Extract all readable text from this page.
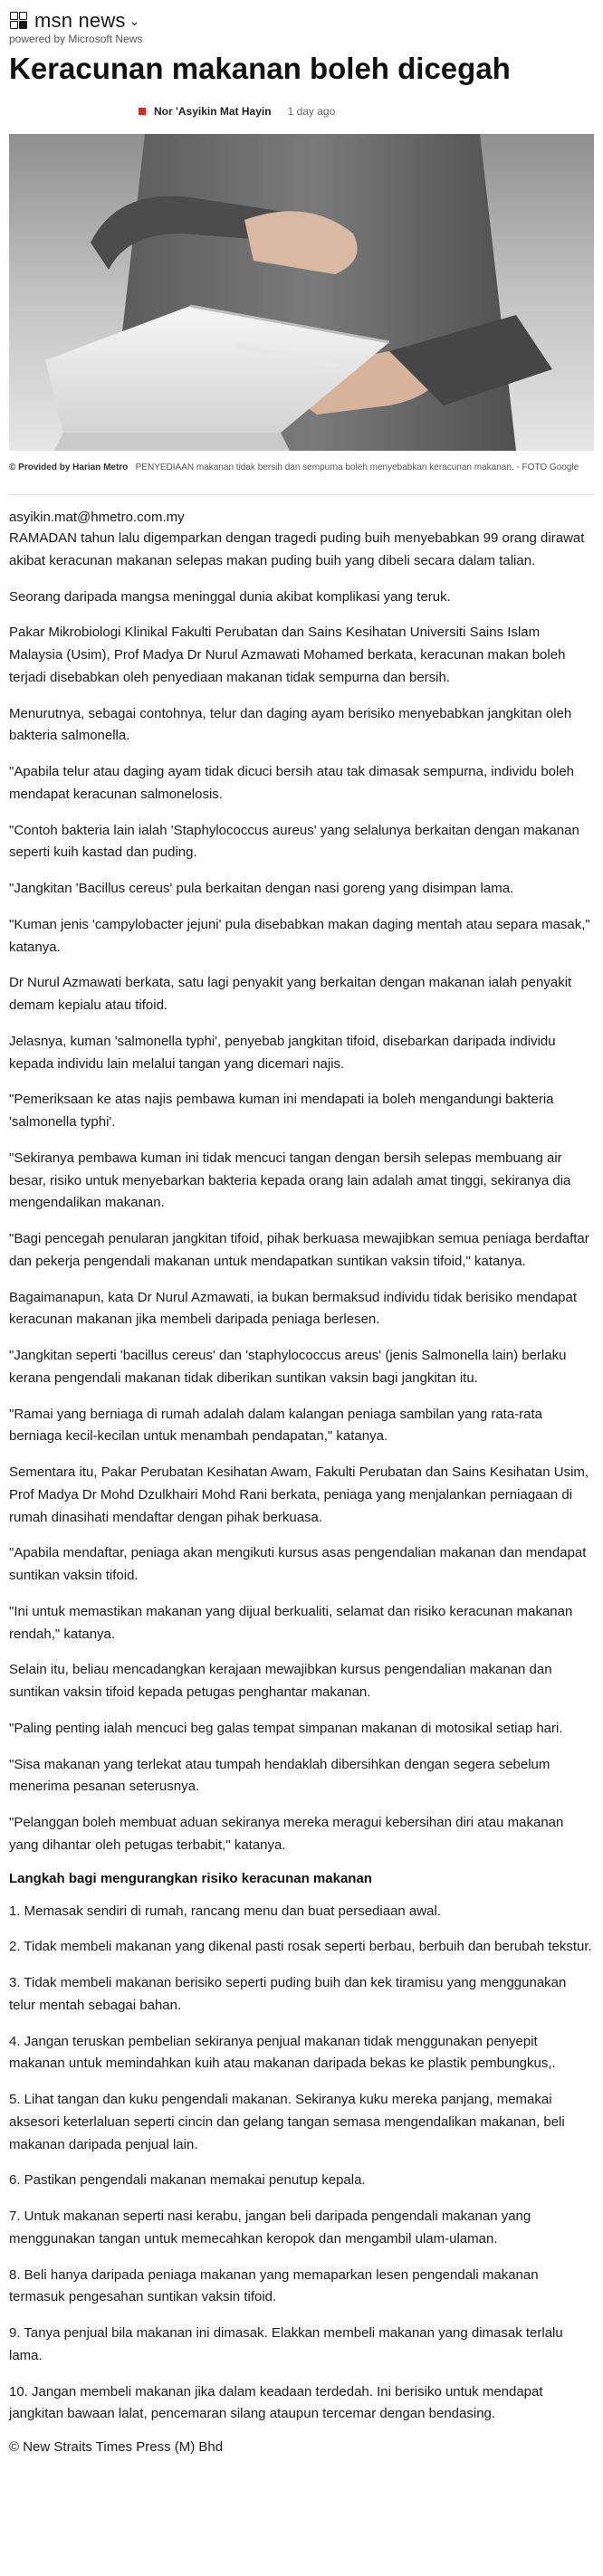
msn news ⌄
powered by Microsoft News
Keracunan makanan boleh dicegah
Nor 'Asyikin Mat Hayin 1 day ago
© Provided by Harian Metro PENYEDIAAN makanan tidak bersih dan sempurna boleh menyebabkan keracunan makanan. - FOTO Google
asyikin.mat@hmetro.com.my

RAMADAN tahun lalu digemparkan dengan tragedi puding buih menyebabkan 99 orang dirawat akibat keracunan makanan selepas makan puding buih yang dibeli secara dalam talian.

Seorang daripada mangsa meninggal dunia akibat komplikasi yang teruk.

Pakar Mikrobiologi Klinikal Fakulti Perubatan dan Sains Kesihatan Universiti Sains Islam Malaysia (Usim), Prof Madya Dr Nurul Azmawati Mohamed berkata, keracunan makan boleh terjadi disebabkan oleh penyediaan makanan tidak sempurna dan bersih.

Menurutnya, sebagai contohnya, telur dan daging ayam berisiko menyebabkan jangkitan oleh bakteria salmonella.

"Apabila telur atau daging ayam tidak dicuci bersih atau tak dimasak sempurna, individu boleh mendapat keracunan salmonelosis.

"Contoh bakteria lain ialah 'Staphylococcus aureus' yang selalunya berkaitan dengan makanan seperti kuih kastad dan puding.

"Jangkitan 'Bacillus cereus' pula berkaitan dengan nasi goreng yang disimpan lama.

"Kuman jenis 'campylobacter jejuni' pula disebabkan makan daging mentah atau separa masak," katanya.

Dr Nurul Azmawati berkata, satu lagi penyakit yang berkaitan dengan makanan ialah penyakit demam kepialu atau tifoid.

Jelasnya, kuman 'salmonella typhi', penyebab jangkitan tifoid, disebarkan daripada individu kepada individu lain melalui tangan yang dicemari najis.

"Pemeriksaan ke atas najis pembawa kuman ini mendapati ia boleh mengandungi bakteria 'salmonella typhi'.

"Sekiranya pembawa kuman ini tidak mencuci tangan dengan bersih selepas membuang air besar, risiko untuk menyebarkan bakteria kepada orang lain adalah amat tinggi, sekiranya dia mengendalikan makanan.

"Bagi pencegah penularan jangkitan tifoid, pihak berkuasa mewajibkan semua peniaga berdaftar dan pekerja pengendali makanan untuk mendapatkan suntikan vaksin tifoid," katanya.

Bagaimanapun, kata Dr Nurul Azmawati, ia bukan bermaksud individu tidak berisiko mendapat keracunan makanan jika membeli daripada peniaga berlesen.

"Jangkitan seperti 'bacillus cereus' dan 'staphylococcus areus' (jenis Salmonella lain) berlaku kerana pengendali makanan tidak diberikan suntikan vaksin bagi jangkitan itu.

"Ramai yang berniaga di rumah adalah dalam kalangan peniaga sambilan yang rata-rata berniaga kecil-kecilan untuk menambah pendapatan," katanya.

Sementara itu, Pakar Perubatan Kesihatan Awam, Fakulti Perubatan dan Sains Kesihatan Usim, Prof Madya Dr Mohd Dzulkhairi Mohd Rani berkata, peniaga yang menjalankan perniagaan di rumah dinasihati mendaftar dengan pihak berkuasa.

"Apabila mendaftar, peniaga akan mengikuti kursus asas pengendalian makanan dan mendapat suntikan vaksin tifoid.

"Ini untuk memastikan makanan yang dijual berkualiti, selamat dan risiko keracunan makanan rendah," katanya.

Selain itu, beliau mencadangkan kerajaan mewajibkan kursus pengendalian makanan dan suntikan vaksin tifoid kepada petugas penghantar makanan.

"Paling penting ialah mencuci beg galas tempat simpanan makanan di motosikal setiap hari.

"Sisa makanan yang terlekat atau tumpah hendaklah dibersihkan dengan segera sebelum menerima pesanan seterusnya.

"Pelanggan boleh membuat aduan sekiranya mereka meragui kebersihan diri atau makanan yang dihantar oleh petugas terbabit," katanya.

Langkah bagi mengurangkan risiko keracunan makanan

1. Memasak sendiri di rumah, rancang menu dan buat persediaan awal.

2. Tidak membeli makanan yang dikenal pasti rosak seperti berbau, berbuih dan berubah tekstur.

3. Tidak membeli makanan berisiko seperti puding buih dan kek tiramisu yang menggunakan telur mentah sebagai bahan.

4. Jangan teruskan pembelian sekiranya penjual makanan tidak menggunakan penyepit makanan untuk memindahkan kuih atau makanan daripada bekas ke plastik pembungkus,.

5. Lihat tangan dan kuku pengendali makanan. Sekiranya kuku mereka panjang, memakai aksesori keterlaluan seperti cincin dan gelang tangan semasa mengendalikan makanan, beli makanan daripada penjual lain.

6. Pastikan pengendali makanan memakai penutup kepala.

7. Untuk makanan seperti nasi kerabu, jangan beli daripada pengendali makanan yang menggunakan tangan untuk memecahkan keropok dan mengambil ulam-ulaman.

8. Beli hanya daripada peniaga makanan yang memaparkan lesen pengendali makanan termasuk pengesahan suntikan vaksin tifoid.

9. Tanya penjual bila makanan ini dimasak. Elakkan membeli makanan yang dimasak terlalu lama.

10. Jangan membeli makanan jika dalam keadaan terdedah. Ini berisiko untuk mendapat jangkitan bawaan lalat, pencemaran silang ataupun tercemar dengan bendasing.

© New Straits Times Press (M) Bhd
